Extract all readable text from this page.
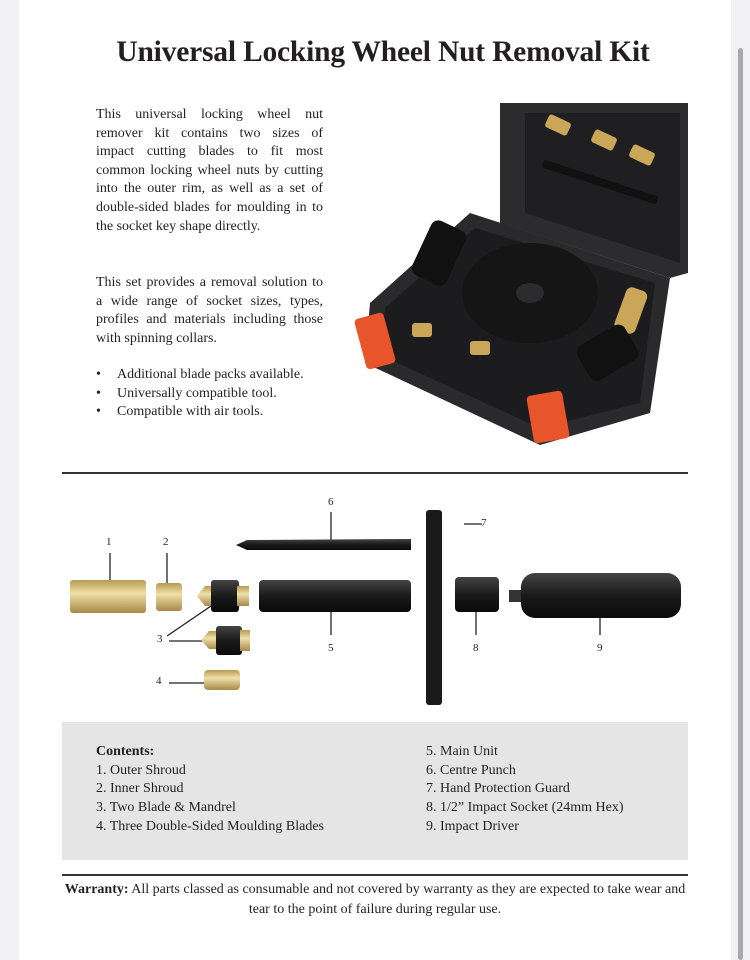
Universal Locking Wheel Nut Removal Kit
This universal locking wheel nut remover kit contains two sizes of impact cutting blades to fit most common locking wheel nuts by cutting into the outer rim, as well as a set of double-sided blades for moulding in to the socket key shape directly.
This set provides a removal solution to a wide range of socket sizes, types, profiles and materials including those with spinning collars.
• Additional blade packs available.
• Universally compatible tool.
• Compatible with air tools.
1	2
3
4
5
6
7
8	9
Contents:
1. Outer Shroud
2. Inner Shroud
3. Two Blade & Mandrel
4. Three Double-Sided Moulding Blades
5. Main Unit
6. Centre Punch
7. Hand Protection Guard
8. 1/2” Impact Socket (24mm Hex)
9. Impact Driver
Warranty: All parts classed as consumable and not covered by warranty as they are expected to take wear and tear to the point of failure during regular use.
